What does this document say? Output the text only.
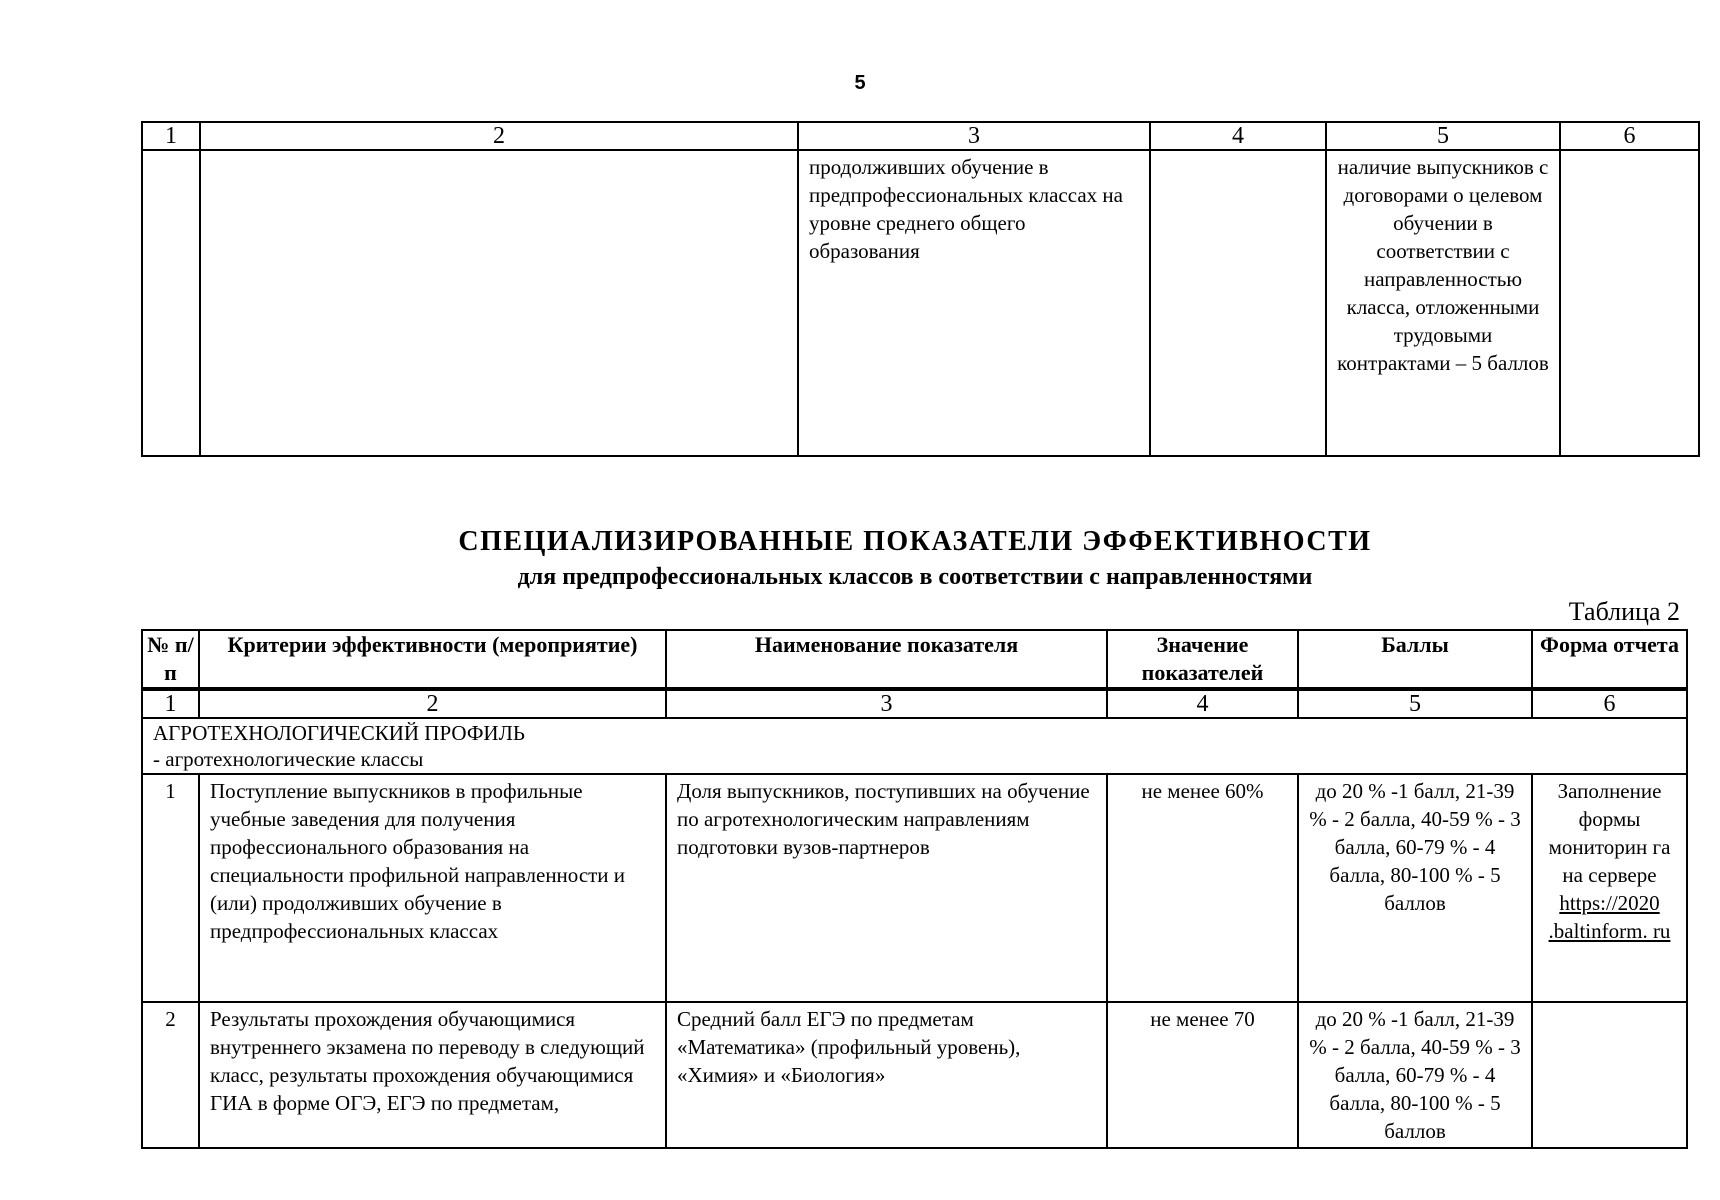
5
1	2	3	4	5	6
		продолживших обучение в предпрофессиональных классах на уровне среднего общего образования		наличие выпускников с договорами о целевом обучении в соответствии с направленностью класса, отложенными трудовыми контрактами – 5 баллов	
СПЕЦИАЛИЗИРОВАННЫЕ ПОКАЗАТЕЛИ ЭФФЕКТИВНОСТИ
для предпрофессиональных классов в соответствии с направленностями
Таблица 2
№ п/п	Критерии эффективности (мероприятие)	Наименование показателя	Значение показателей	Баллы	Форма отчета
1	2	3	4	5	6
АГРОТЕХНОЛОГИЧЕСКИЙ ПРОФИЛЬ
- агротехнологические классы					

1	Поступление выпускников в профильные учебные заведения для получения профессионального образования на специальности профильной направленности и (или) продолживших обучение в предпрофессиональных классах	Доля выпускников, поступивших на обучение по агротехнологическим направлениям подготовки вузов-партнеров	не менее 60%	до 20 % -1 балл, 21-39 % - 2 балла, 40-59 % - 3 балла, 60-79 % - 4 балла, 80-100 % - 5 баллов	Заполнение формы мониторин га на сервере https://2020 .baltinform. ru
2	Результаты прохождения обучающимися внутреннего экзамена по переводу в следующий класс, результаты прохождения обучающимися ГИА в форме ОГЭ, ЕГЭ по предметам,	Средний балл ЕГЭ по предметам «Математика» (профильный уровень), «Химия» и «Биология»	не менее 70	до 20 % -1 балл, 21-39 % - 2 балла, 40-59 % - 3 балла, 60-79 % - 4 балла, 80-100 % - 5 баллов	
